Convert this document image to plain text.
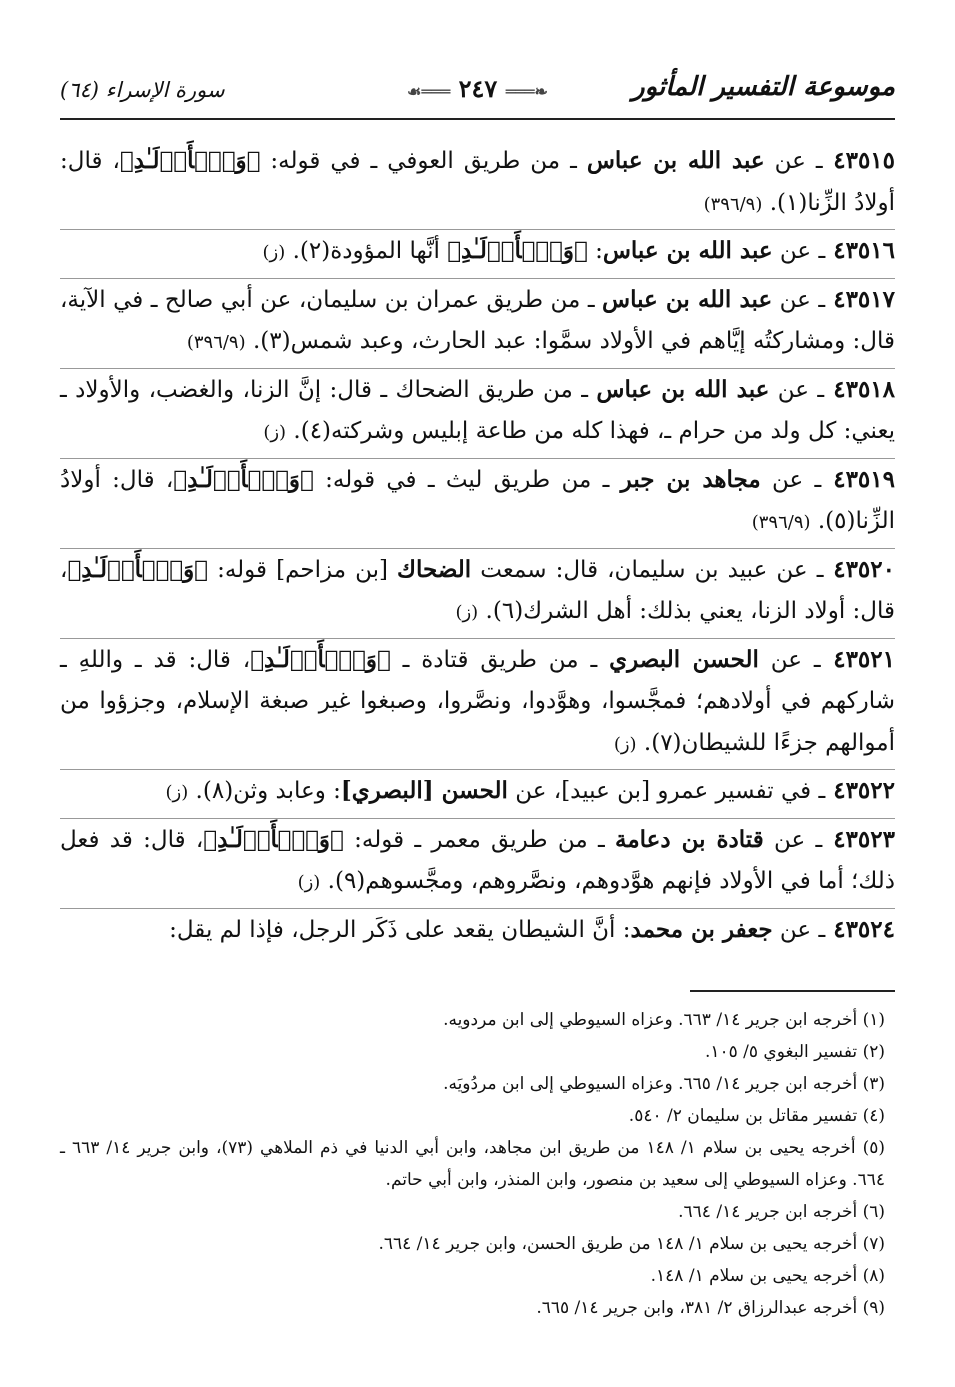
موسوعة التفسير المأثور
❧═══ ٢٤٧ ═══☙
سورة الإسراء (٦٤)

٤٣٥١٥ ـ عن عبد الله بن عباس ـ من طريق العوفي ـ في قوله: ﴿وَٱلۡأَوۡلَـٰدِ﴾، قال: أولادُ الزِّنا(١). (٣٩٦/٩)

٤٣٥١٦ ـ عن عبد الله بن عباس: ﴿وَٱلۡأَوۡلَـٰدِ﴾ أنَّها المؤودة(٢). (ز)

٤٣٥١٧ ـ عن عبد الله بن عباس ـ من طريق عمران بن سليمان، عن أبي صالح ـ في الآية، قال: ومشاركتُه إيَّاهم في الأولاد سمَّوا: عبد الحارث، وعبد شمس(٣). (٣٩٦/٩)

٤٣٥١٨ ـ عن عبد الله بن عباس ـ من طريق الضحاك ـ قال: إنَّ الزنا، والغضب، والأولاد ـ يعني: كل ولد من حرام ـ، فهذا كله من طاعة إبليس وشركته(٤). (ز)

٤٣٥١٩ ـ عن مجاهد بن جبر ـ من طريق ليث ـ في قوله: ﴿وَٱلۡأَوۡلَـٰدِ﴾، قال: أولادُ الزِّنا(٥). (٣٩٦/٩)

٤٣٥٢٠ ـ عن عبيد بن سليمان، قال: سمعت الضحاك [بن مزاحم] قوله: ﴿وَٱلۡأَوۡلَـٰدِ﴾، قال: أولاد الزنا، يعني بذلك: أهل الشرك(٦). (ز)

٤٣٥٢١ ـ عن الحسن البصري ـ من طريق قتادة ـ ﴿وَٱلۡأَوۡلَـٰدِ﴾، قال: قد ـ واللهِ ـ شاركهم في أولادهم؛ فمجَّسوا، وهوَّدوا، ونصَّروا، وصبغوا غير صبغة الإسلام، وجزؤوا من أموالهم جزءًا للشيطان(٧). (ز)

٤٣٥٢٢ ـ في تفسير عمرو [بن عبيد]، عن الحسن [البصري]: وعابد وثن(٨). (ز)

٤٣٥٢٣ ـ عن قتادة بن دعامة ـ من طريق معمر ـ قوله: ﴿وَٱلۡأَوۡلَـٰدِ﴾، قال: قد فعل ذلك؛ أما في الأولاد فإنهم هوَّدوهم، ونصَّروهم، ومجَّسوهم(٩). (ز)

٤٣٥٢٤ ـ عن جعفر بن محمد: أنَّ الشيطان يقعد على ذَكَر الرجل، فإذا لم يقل:

(١) أخرجه ابن جرير ١٤/ ٦٦٣. وعزاه السيوطي إلى ابن مردويه.

(٢) تفسير البغوي ٥/ ١٠٥.

(٣) أخرجه ابن جرير ١٤/ ٦٦٥. وعزاه السيوطي إلى ابن مردُويَه.

(٤) تفسير مقاتل بن سليمان ٢/ ٥٤٠.

(٥) أخرجه يحيى بن سلام ١/ ١٤٨ من طريق ابن مجاهد، وابن أبي الدنيا في ذم الملاهي (٧٣)، وابن جرير ١٤/ ٦٦٣ ـ ٦٦٤. وعزاه السيوطي إلى سعيد بن منصور، وابن المنذر، وابن أبي حاتم.

(٦) أخرجه ابن جرير ١٤/ ٦٦٤.

(٧) أخرجه يحيى بن سلام ١/ ١٤٨ من طريق الحسن، وابن جرير ١٤/ ٦٦٤.

(٨) أخرجه يحيى بن سلام ١/ ١٤٨.

(٩) أخرجه عبدالرزاق ٢/ ٣٨١، وابن جرير ١٤/ ٦٦٥.
